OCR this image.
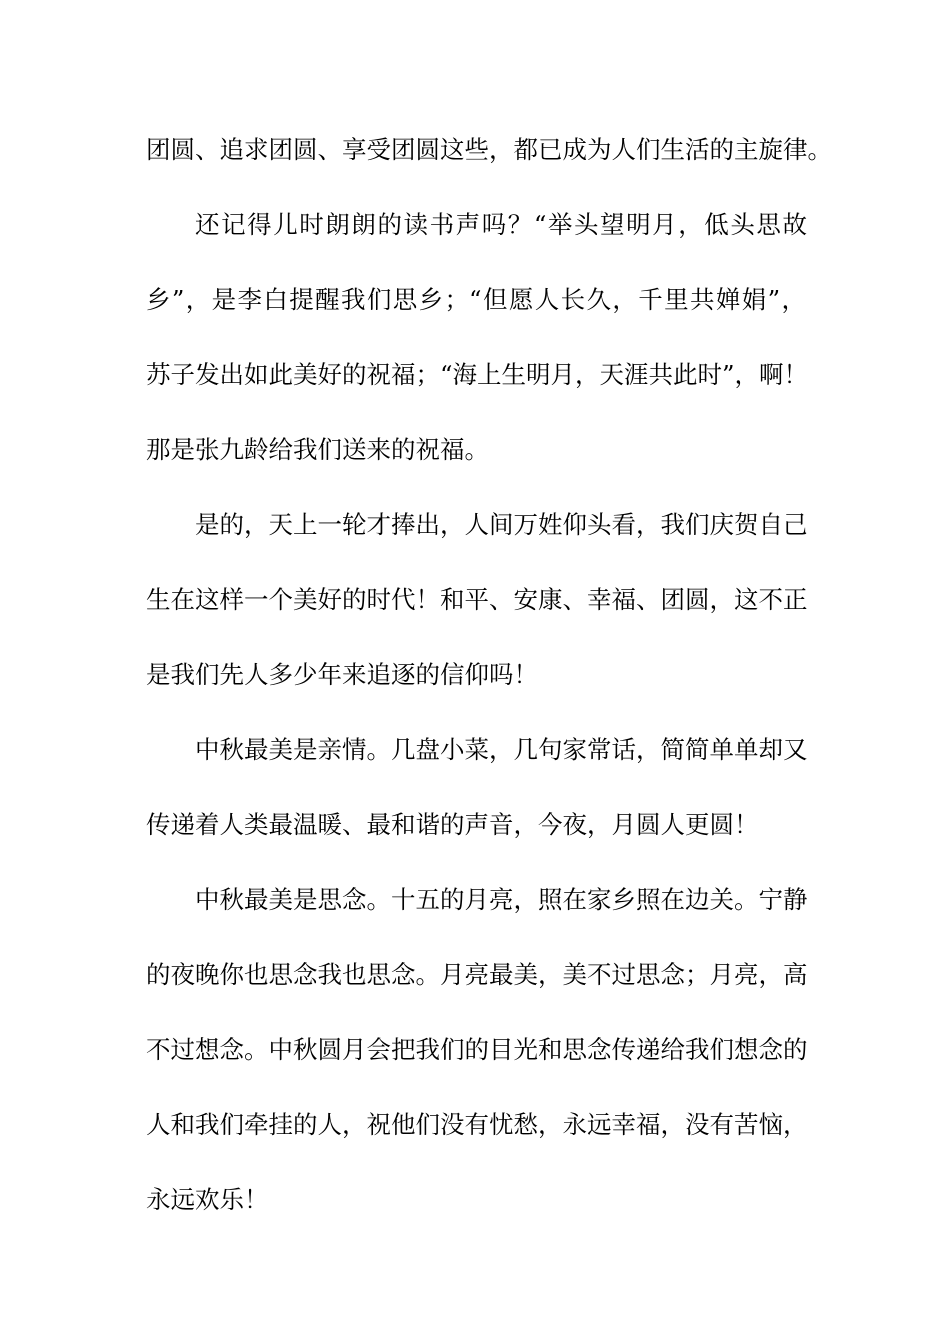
团圆、追求团圆、享受团圆这些，都已成为人们生活的主旋律。
还记得儿时朗朗的读书声吗？“举头望明月，低头思故
乡”，是李白提醒我们思乡；“但愿人长久，千里共婵娟”，
苏子发出如此美好的祝福；“海上生明月，天涯共此时”，啊！
那是张九龄给我们送来的祝福。
是的，天上一轮才捧出，人间万姓仰头看，我们庆贺自己
生在这样一个美好的时代！和平、安康、幸福、团圆，这不正
是我们先人多少年来追逐的信仰吗！
中秋最美是亲情。几盘小菜，几句家常话，简简单单却又
传递着人类最温暖、最和谐的声音，今夜，月圆人更圆！
中秋最美是思念。十五的月亮，照在家乡照在边关。宁静
的夜晚你也思念我也思念。月亮最美，美不过思念；月亮，高
不过想念。中秋圆月会把我们的目光和思念传递给我们想念的
人和我们牵挂的人，祝他们没有忧愁，永远幸福，没有苦恼，
永远欢乐！
